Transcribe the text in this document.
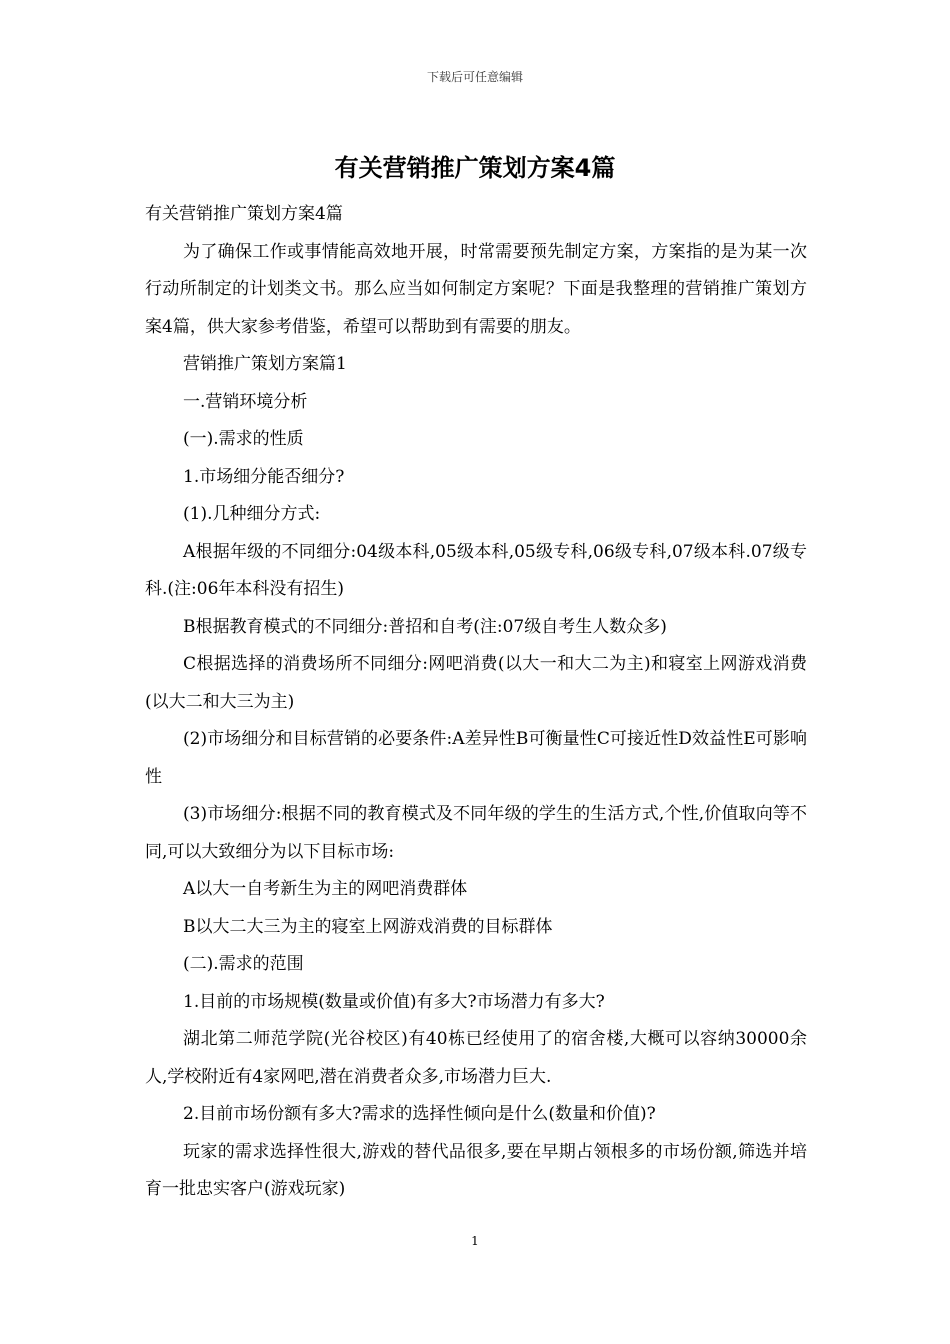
下载后可任意编辑
有关营销推广策划方案4篇

有关营销推广策划方案4篇

为了确保工作或事情能高效地开展，时常需要预先制定方案，方案指的是为某一次行动所制定的计划类文书。那么应当如何制定方案呢？下面是我整理的营销推广策划方案4篇，供大家参考借鉴，希望可以帮助到有需要的朋友。

营销推广策划方案篇1

一.营销环境分析

(一).需求的性质

1.市场细分能否细分?

(1).几种细分方式:

A根据年级的不同细分:04级本科,05级本科,05级专科,06级专科,07级本科.07级专科.(注:06年本科没有招生)

B根据教育模式的不同细分:普招和自考(注:07级自考生人数众多)

C根据选择的消费场所不同细分:网吧消费(以大一和大二为主)和寝室上网游戏消费(以大二和大三为主)

(2)市场细分和目标营销的必要条件:A差异性B可衡量性C可接近性D效益性E可影响性

(3)市场细分:根据不同的教育模式及不同年级的学生的生活方式,个性,价值取向等不同,可以大致细分为以下目标市场:

A以大一自考新生为主的网吧消费群体

B以大二大三为主的寝室上网游戏消费的目标群体

(二).需求的范围

1.目前的市场规模(数量或价值)有多大?市场潜力有多大?

湖北第二师范学院(光谷校区)有40栋已经使用了的宿舍楼,大概可以容纳30000余人,学校附近有4家网吧,潜在消费者众多,市场潜力巨大.

2.目前市场份额有多大?需求的选择性倾向是什么(数量和价值)?

玩家的需求选择性很大,游戏的替代品很多,要在早期占领根多的市场份额,筛选并培育一批忠实客户(游戏玩家)

1
